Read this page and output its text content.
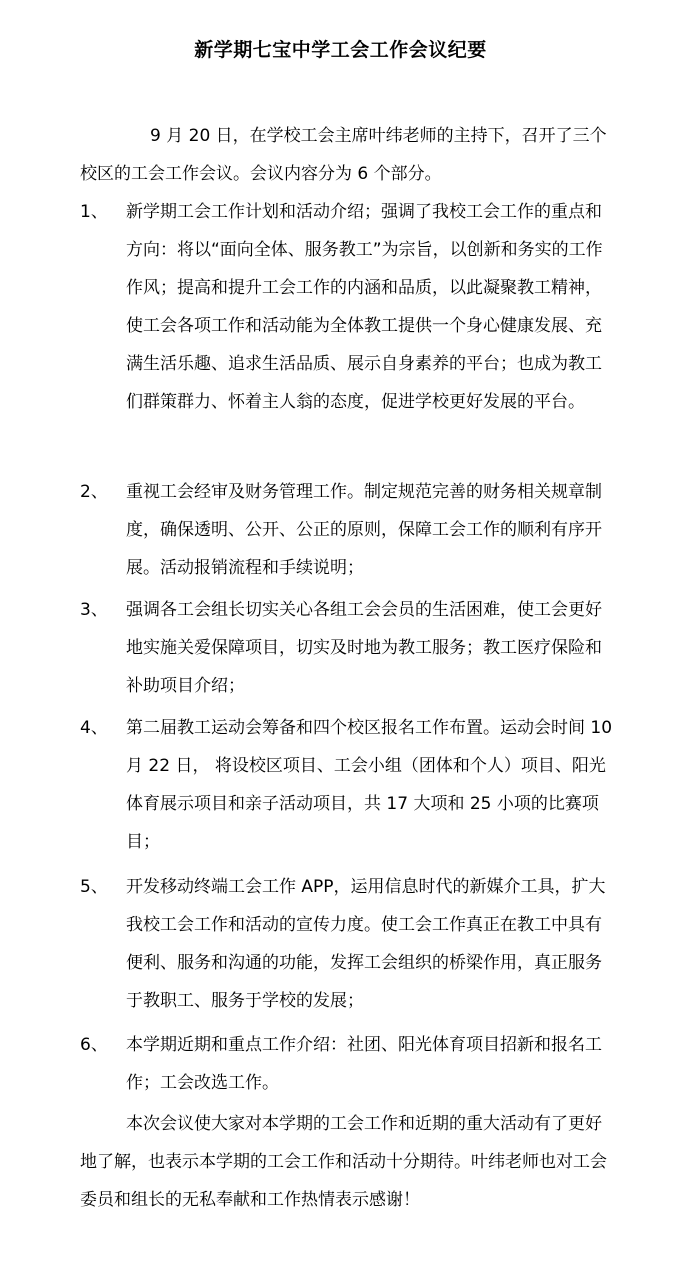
新学期七宝中学工会工作会议纪要

9 月 20 日，在学校工会主席叶纬老师的主持下，召开了三个校区的工会工作会议。会议内容分为 6 个部分。

1、 新学期工会工作计划和活动介绍；强调了我校工会工作的重点和方向：将以“面向全体、服务教工”为宗旨，以创新和务实的工作作风；提高和提升工会工作的内涵和品质，以此凝聚教工精神，使工会各项工作和活动能为全体教工提供一个身心健康发展、充满生活乐趣、追求生活品质、展示自身素养的平台；也成为教工们群策群力、怀着主人翁的态度，促进学校更好发展的平台。

2、 重视工会经审及财务管理工作。制定规范完善的财务相关规章制度，确保透明、公开、公正的原则，保障工会工作的顺利有序开展。活动报销流程和手续说明；

3、 强调各工会组长切实关心各组工会会员的生活困难，使工会更好地实施关爱保障项目，切实及时地为教工服务；教工医疗保险和补助项目介绍；

4、 第二届教工运动会筹备和四个校区报名工作布置。运动会时间 10 月 22 日， 将设校区项目、工会小组（团体和个人）项目、阳光体育展示项目和亲子活动项目，共 17 大项和 25 小项的比赛项目；

5、 开发移动终端工会工作 APP，运用信息时代的新媒介工具，扩大我校工会工作和活动的宣传力度。使工会工作真正在教工中具有便利、服务和沟通的功能，发挥工会组织的桥梁作用，真正服务于教职工、服务于学校的发展；

6、 本学期近期和重点工作介绍：社团、阳光体育项目招新和报名工作；工会改选工作。

本次会议使大家对本学期的工会工作和近期的重大活动有了更好地了解，也表示本学期的工会工作和活动十分期待。叶纬老师也对工会委员和组长的无私奉献和工作热情表示感谢！
